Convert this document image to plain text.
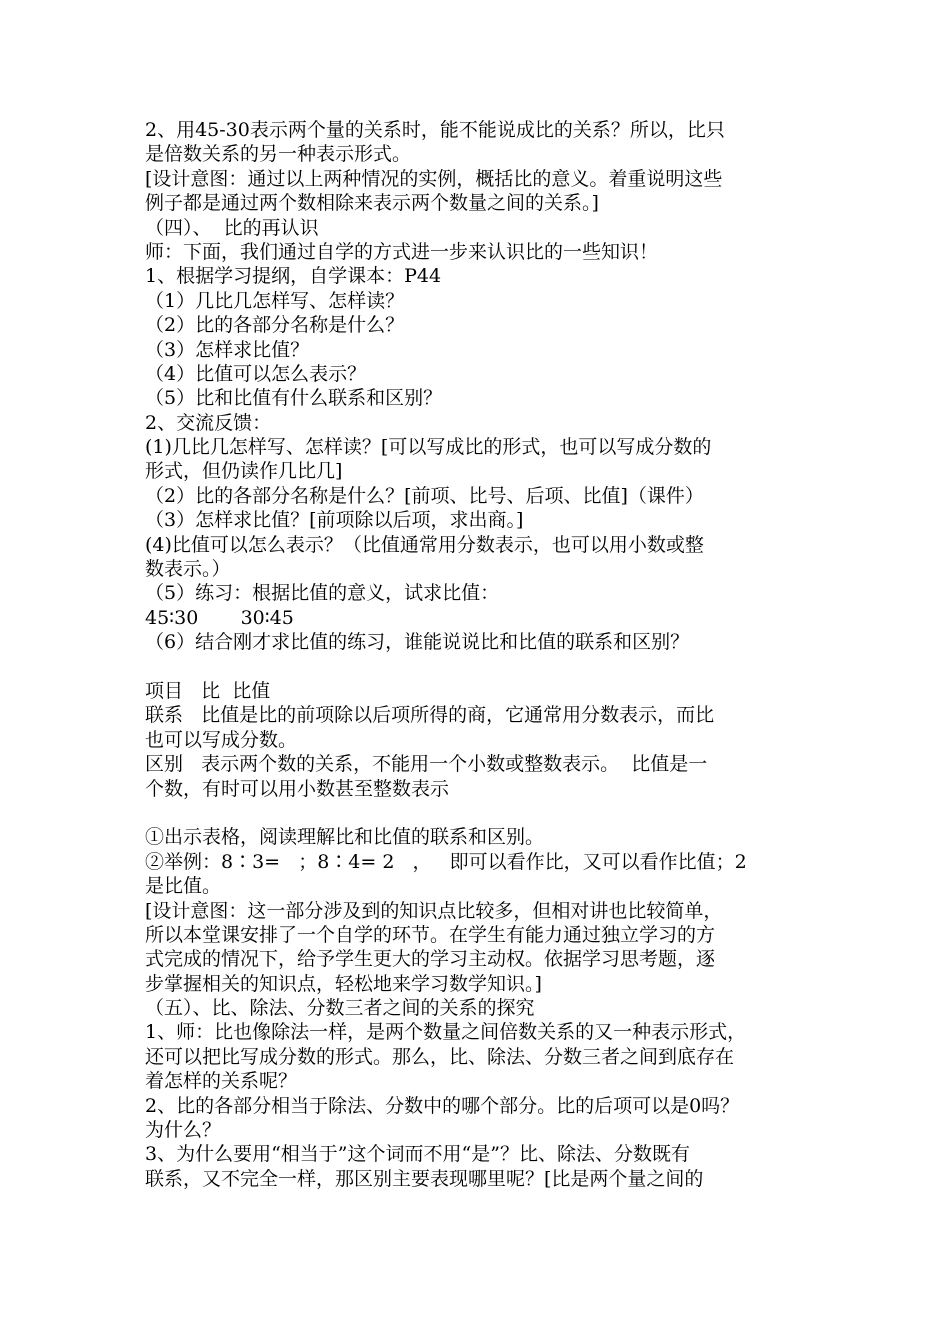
2、用45-30表示两个量的关系时，能不能说成比的关系？所以，比只
是倍数关系的另一种表示形式。
[设计意图：通过以上两种情况的实例，概括比的意义。着重说明这些
例子都是通过两个数相除来表示两个数量之间的关系。]
（四）、  比的再认识
师：下面，我们通过自学的方式进一步来认识比的一些知识！
1、根据学习提纲，自学课本：P44
（1）几比几怎样写、怎样读？
（2）比的各部分名称是什么？
（3）怎样求比值？
（4）比值可以怎么表示？
（5）比和比值有什么联系和区别？
2、交流反馈：
(1)几比几怎样写、怎样读？[可以写成比的形式，也可以写成分数的
形式，但仍读作几比几]
（2）比的各部分名称是什么？[前项、比号、后项、比值]（课件）
（3）怎样求比值？[前项除以后项，求出商。]
(4)比值可以怎么表示？（比值通常用分数表示，也可以用小数或整
数表示。）
（5）练习：根据比值的意义，试求比值：
45∶30       30∶45
（6）结合刚才求比值的练习，谁能说说比和比值的联系和区别？
项目   比  比值
联系   比值是比的前项除以后项所得的商，它通常用分数表示，而比
也可以写成分数。
区别   表示两个数的关系，不能用一个小数或整数表示。  比值是一
个数，有时可以用小数甚至整数表示
①出示表格，阅读理解比和比值的联系和区别。
②举例：8∶3=   ；8∶4= 2   ，   即可以看作比，又可以看作比值；2
是比值。
[设计意图：这一部分涉及到的知识点比较多，但相对讲也比较简单，
所以本堂课安排了一个自学的环节。在学生有能力通过独立学习的方
式完成的情况下，给予学生更大的学习主动权。依据学习思考题，逐
步掌握相关的知识点，轻松地来学习数学知识。]
（五）、比、除法、分数三者之间的关系的探究
1、师：比也像除法一样，是两个数量之间倍数关系的又一种表示形式，
还可以把比写成分数的形式。那么，比、除法、分数三者之间到底存在
着怎样的关系呢？
2、比的各部分相当于除法、分数中的哪个部分。比的后项可以是0吗？
为什么？
3、为什么要用“相当于”这个词而不用“是”？比、除法、分数既有
联系，又不完全一样，那区别主要表现哪里呢？[比是两个量之间的
